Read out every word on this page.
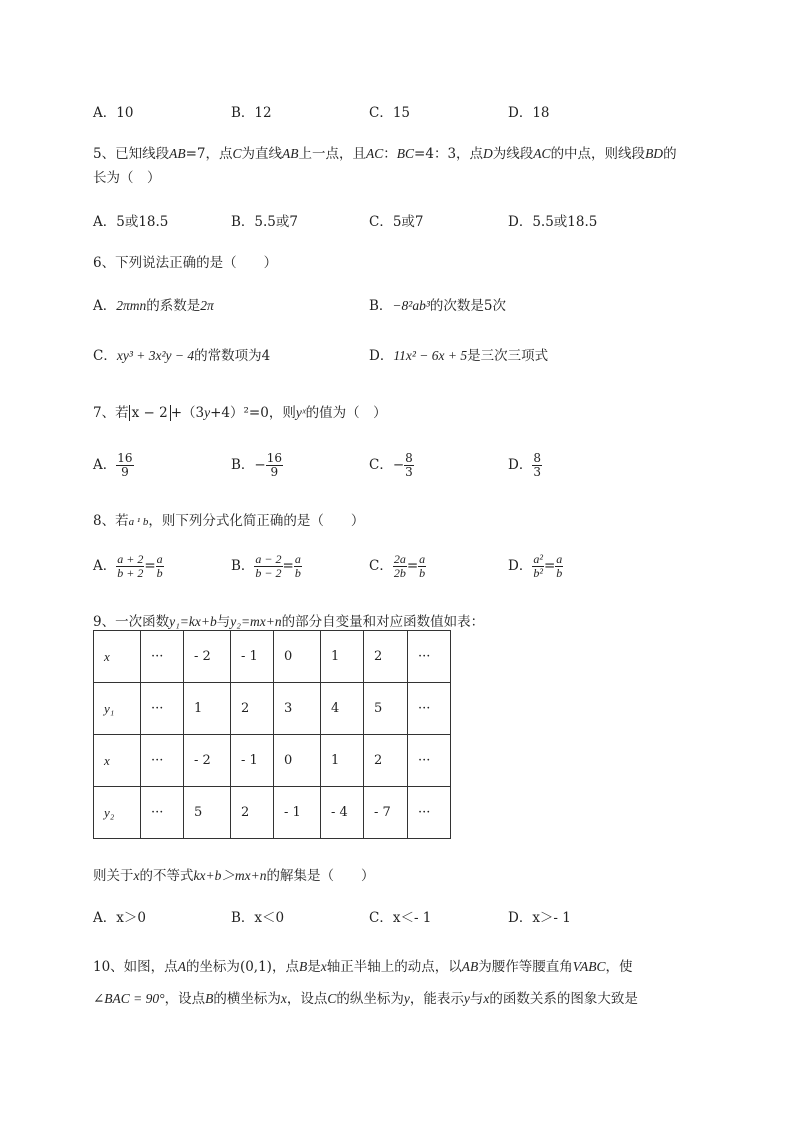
A．10	B．12	C．15	D．18
5、已知线段AB=7，点C为直线AB上一点，且AC：BC=4：3，点D为线段AC的中点，则线段BD的
长为（　）
A．5或18.5	B．5.5或7	C．5或7	D．5.5或18.5
6、下列说法正确的是（　　）
A．2πmn的系数是2π	B．−8²ab³的次数是5次
C．xy³ + 3x²y − 4的常数项为4	D．11x² − 6x + 5是三次三项式
7、若 x − 2 +（3y+4）²=0，则yˣ的值为（　）
A． $\frac{16}{9}$	B．− $\frac{16}{9}$	C．− $\frac{8}{3}$	D． $\frac{8}{3}$
8、若a ¹ b，则下列分式化简正确的是（　　）
A． $\frac{a + 2}{b + 2} = \frac{a}{b}$	B． $\frac{a - 2}{b - 2} = \frac{a}{b}$	C． $\frac{2a}{2b} = \frac{a}{b}$	D． $\frac{\text{a²}}{\text{b²}} = \frac{a}{b}$
9、一次函数y₁=kx+b与y₂=mx+n的部分自变量和对应函数值如表：
x	···	- 2	- 1	0	1	2	···
y₁	···	1	2	3	4	5	···
x	···	- 2	- 1	0	1	2	···
y₂	···	5	2	- 1	- 4	- 7	···
则关于x的不等式kx+b＞mx+n的解集是（　　）
A．x＞0	B．x＜0	C．x＜- 1	D．x＞- 1
10、如图，点A的坐标为(0,1)，点B是x轴正半轴上的动点，以AB为腰作等腰直角VABC，使
∠BAC = 90°，设点B的横坐标为x，设点C的纵坐标为y，能表示y与x的函数关系的图象大致是
